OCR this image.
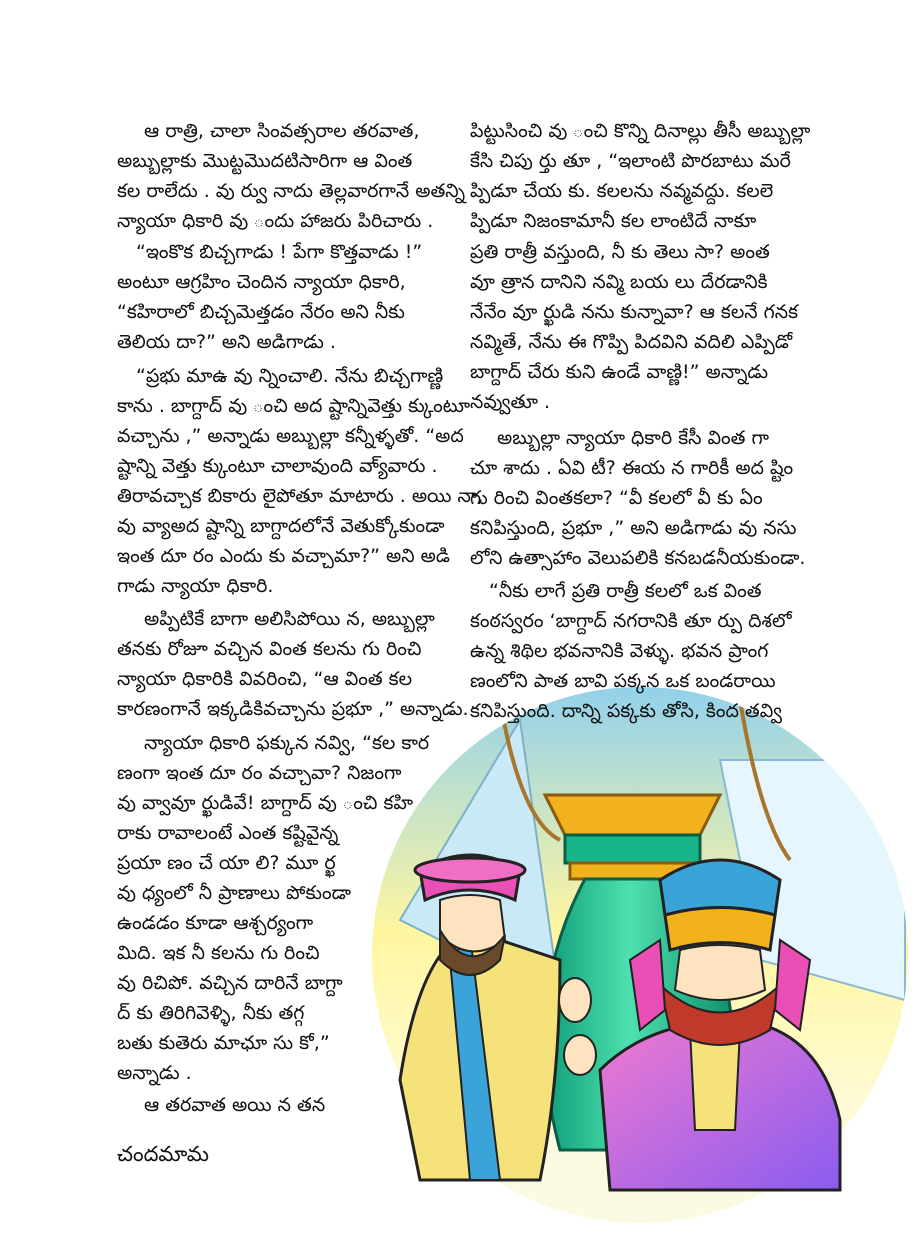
ఆ రాత్రి, చాలా సింవత్సరాల తరవాత,
అబ్బుల్లాకు మొట్టమొదటిసారిగా ఆ వింత
కల రాలేదు . వు ర్వు నాదు తెల్లవారగానే అతన్ని
న్యాయా ధికారి వు ందు హాజరు పిరిచారు .
“ఇంకొక బిచ్చగాడు ! పేగా కొత్తవాడు !”
అంటూ ఆగ్రహిం చెందిన న్యాయా ధికారి,
“కహిరాలో బిచ్చమెత్తడం నేరం అని నీకు
తెలియ దా?” అని అడిగాడు .
“ప్రభు మాఉ వు న్నించాలి. నేను బిచ్చగాణ్ణి
కాను . బాగ్దాద్ వు ంచి అద ష్టాన్నివెత్తు క్కుంటూ
వచ్చాను ,” అన్నాడు అబ్బుల్లా కన్నీళ్ళతో. “అద
ష్టాన్ని వెత్తు క్కుంటూ చాలావుంది వ్యా్వారు .
తిరావచ్చాక బికారు లైపోతూ మాటారు . అయి నా,
వు వ్యాఅద ష్టాన్ని బాగ్దాదలోనే వెతుక్కోకుండా
ఇంత దూ రం ఎందు కు వచ్చామా?” అని అడి
గాడు న్యాయా ధికారి.
అప్పిటికే బాగా అలిసిపోయి న, అబ్బుల్లా
తనకు రోజూ వచ్చిన వింత కలను గు రించి
న్యాయా ధికారికి వివరించి, “ఆ వింత కల
కారణంగానే ఇక్కడికివచ్చాను ప్రభూ ,” అన్నాడు.
న్యాయా ధికారి ఫక్కున నవ్వి, “కల కార
ణంగా ఇంత దూ రం వచ్చావా? నిజంగా
వు వ్వావూ ర్ఖుడివే! బాగ్దాద్ వు ంచి కహి
రాకు రావాలంటే ఎంత కష్టివైన్న
ప్రయా ణం చే యా లి? మూ ర్ఖ
వు ధ్యంలో నీ ప్రాణాలు పోకుండా
ఉండడం కూడా ఆశ్చర్యంగా
మిది. ఇక నీ కలను గు రించి
వు రిచిపో. వచ్చిన దారినే బాగ్దా
ద్ కు తిరిగివెళ్ళి, నీకు తగ్గ
బతు కుతెరు మాఛూ సు కో,”
అన్నాడు .
ఆ తరవాత అయి న తన
పిట్టుసించి వు ంచి కొన్ని దినాల్లు తీసీ అబ్బుల్లా
కేసి చిపు ర్తు తూ , “ఇలాంటి పొరబాటు మరే
ప్పిడూ చేయ కు. కలలను నవ్మవద్దు. కలలె
ప్పిడూ నిజంకామానీ కల లాంటిదే నాకూ
ప్రతి రాత్రీ వస్తుంది, నీ కు తెలు సా? అంత
వూ త్రాన దానిని నవ్మి బయ లు దేరడానికి
నేనేం వూ ర్ఖుడి నను కున్నావా? ఆ కలనే గనక
నవ్మితే, నేను ఈ గొప్పి పిదవిని వదిలి ఎప్పిడో
బాగ్దాద్ చేరు కుని ఉండే వాణ్ణి!” అన్నాడు
నవ్వుతూ .
అబ్బుల్లా న్యాయా ధికారి కేసీ వింత గా
చూ శాదు . ఏవి టీ? ఈయ న గారికీ అద ష్టిం
గు రించి వింతకలా? “వీ కలలో వీ కు ఏం
కనిపిస్తుంది, ప్రభూ ,” అని అడిగాడు వు నసు
లోని ఉత్సాహాం వెలుపలికి కనబడనీయకుండా.
“నీకు లాగే ప్రతి రాత్రీ కలలో ఒక వింత
కంఠస్వరం ‘బాగ్దాద్ నగరానికి తూ ర్పు దిశలో
ఉన్న శిథిల భవనానికి వెళ్ళు. భవన ప్రాంగ
ణంలోని పాత బావి పక్కన ఒక బండరాయి
కనిపిస్తుంది. దాన్ని పక్కకు తోసి, కింద తవ్వి
చందమామ
